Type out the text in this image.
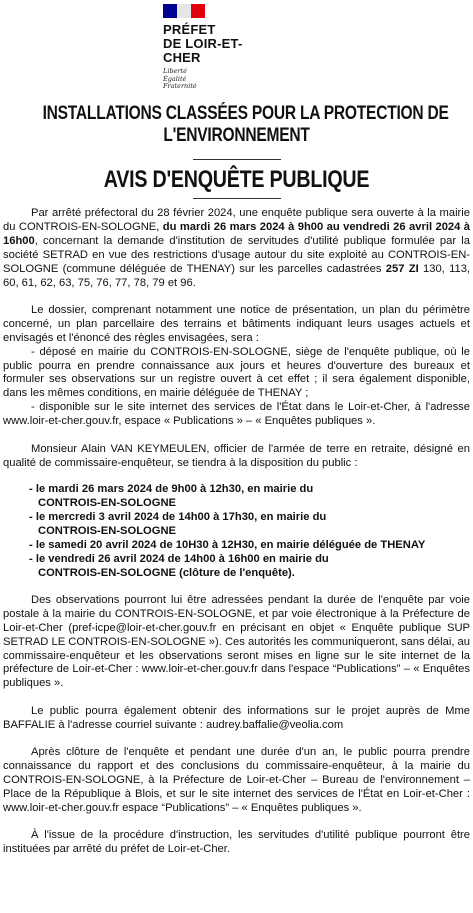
PRÉFET
DE LOIR-ET-CHER
Liberté
Égalité
Fraternité
INSTALLATIONS CLASSÉES POUR LA PROTECTION DE
L'ENVIRONNEMENT
AVIS D'ENQUÊTE PUBLIQUE

Par arrêté préfectoral du 28 février 2024, une enquête publique sera ouverte à la mairie du CONTROIS-EN-SOLOGNE, du mardi 26 mars 2024 à 9h00 au vendredi 26 avril 2024 à 16h00, concernant la demande d'institution de servitudes d'utilité publique formulée par la société SETRAD en vue des restrictions d'usage autour du site exploité au CONTROIS-EN-SOLOGNE (commune déléguée de THENAY) sur les parcelles cadastrées 257 ZI 130, 113, 60, 61, 62, 63, 75, 76, 77, 78, 79 et 96.

Le dossier, comprenant notamment une notice de présentation, un plan du périmètre concerné, un plan parcellaire des terrains et bâtiments indiquant leurs usages actuels et envisagés et l'énoncé des règles envisagées, sera :

- déposé en mairie du CONTROIS-EN-SOLOGNE, siège de l'enquête publique, où le public pourra en prendre connaissance aux jours et heures d'ouverture des bureaux et formuler ses observations sur un registre ouvert à cet effet ; il sera également disponible, dans les mêmes conditions, en mairie déléguée de THENAY ;

- disponible sur le site internet des services de l'État dans le Loir-et-Cher, à l'adresse www.loir-et-cher.gouv.fr, espace « Publications » – « Enquêtes publiques ».

Monsieur Alain VAN KEYMEULEN, officier de l'armée de terre en retraite, désigné en qualité de commissaire-enquêteur, se tiendra à la disposition du public :

- le mardi 26 mars 2024 de 9h00 à 12h30, en mairie du
CONTROIS-EN-SOLOGNE
- le mercredi 3 avril 2024 de 14h00 à 17h30, en mairie du
CONTROIS-EN-SOLOGNE
- le samedi 20 avril 2024 de 10H30 à 12H30, en mairie déléguée de THENAY
- le vendredi 26 avril 2024 de 14h00 à 16h00 en mairie du
CONTROIS-EN-SOLOGNE (clôture de l'enquête).

Des observations pourront lui être adressées pendant la durée de l'enquête par voie postale à la mairie du CONTROIS-EN-SOLOGNE, et par voie électronique à la Préfecture de Loir-et-Cher (pref-icpe@loir-et-cher.gouv.fr en précisant en objet « Enquête publique SUP SETRAD LE CONTROIS-EN-SOLOGNE »). Ces autorités les communiqueront, sans délai, au commissaire-enquêteur et les observations seront mises en ligne sur le site internet de la préfecture de Loir-et-Cher : www.loir-et-cher.gouv.fr dans l'espace “Publications” – « Enquêtes publiques ».

Le public pourra également obtenir des informations sur le projet auprès de Mme BAFFALIE à l'adresse courriel suivante : audrey.baffalie@veolia.com

Après clôture de l'enquête et pendant une durée d'un an, le public pourra prendre connaissance du rapport et des conclusions du commissaire-enquêteur, à la mairie du CONTROIS-EN-SOLOGNE, à la Préfecture de Loir-et-Cher – Bureau de l'environnement – Place de la République à Blois, et sur le site internet des services de l'État en Loir-et-Cher : www.loir-et-cher.gouv.fr espace “Publications” – « Enquêtes publiques ».

À l'issue de la procédure d'instruction, les servitudes d'utilité publique pourront être instituées par arrêté du préfet de Loir-et-Cher.
